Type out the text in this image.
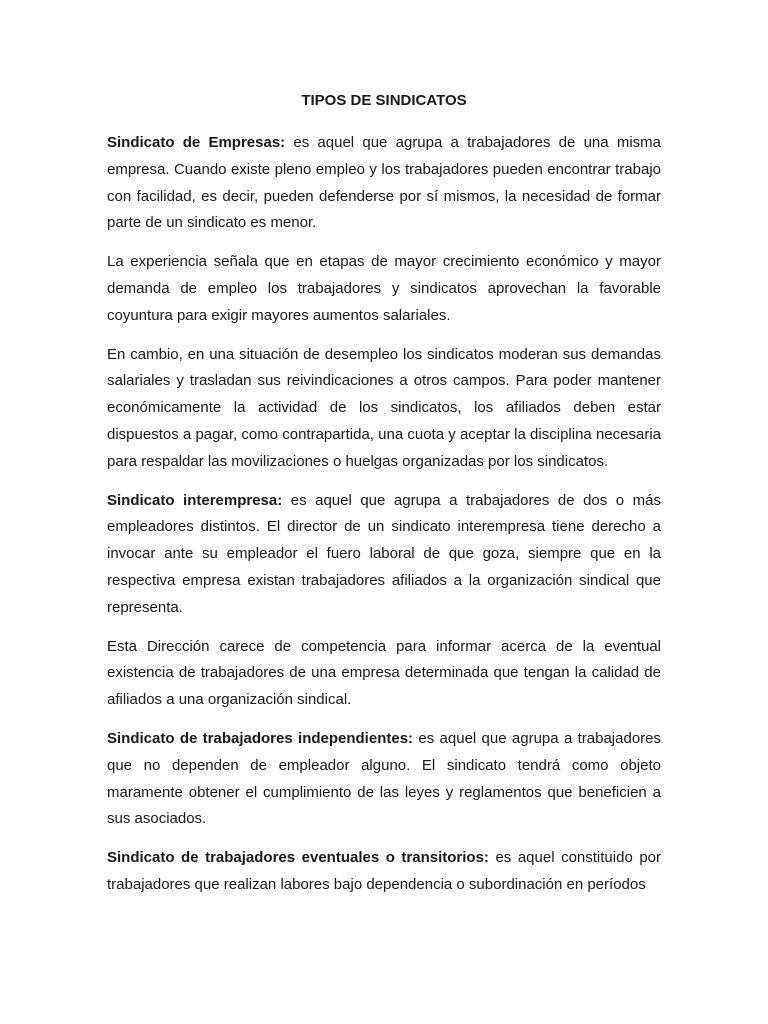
TIPOS DE SINDICATOS

Sindicato de Empresas: es aquel que agrupa a trabajadores de una misma empresa. Cuando existe pleno empleo y los trabajadores pueden encontrar trabajo con facilidad, es decir, pueden defenderse por sí mismos, la necesidad de formar parte de un sindicato es menor.

La experiencia señala que en etapas de mayor crecimiento económico y mayor demanda de empleo los trabajadores y sindicatos aprovechan la favorable coyuntura para exigir mayores aumentos salariales.

En cambio, en una situación de desempleo los sindicatos moderan sus demandas salariales y trasladan sus reivindicaciones a otros campos. Para poder mantener económicamente la actividad de los sindicatos, los afiliados deben estar dispuestos a pagar, como contrapartida, una cuota y aceptar la disciplina necesaria para respaldar las movilizaciones o huelgas organizadas por los sindicatos.

Sindicato interempresa: es aquel que agrupa a trabajadores de dos o más empleadores distintos. El director de un sindicato interempresa tiene derecho a invocar ante su empleador el fuero laboral de que goza, siempre que en la respectiva empresa existan trabajadores afiliados a la organización sindical que representa.

Esta Dirección carece de competencia para informar acerca de la eventual existencia de trabajadores de una empresa determinada que tengan la calidad de afiliados a una organización sindical.

Sindicato de trabajadores independientes: es aquel que agrupa a trabajadores que no dependen de empleador alguno. El sindicato tendrá como objeto maramente obtener el cumplimiento de las leyes y reglamentos que beneficien a sus asociados.

Sindicato de trabajadores eventuales o transitorios: es aquel constituido por trabajadores que realizan labores bajo dependencia o subordinación en períodos
